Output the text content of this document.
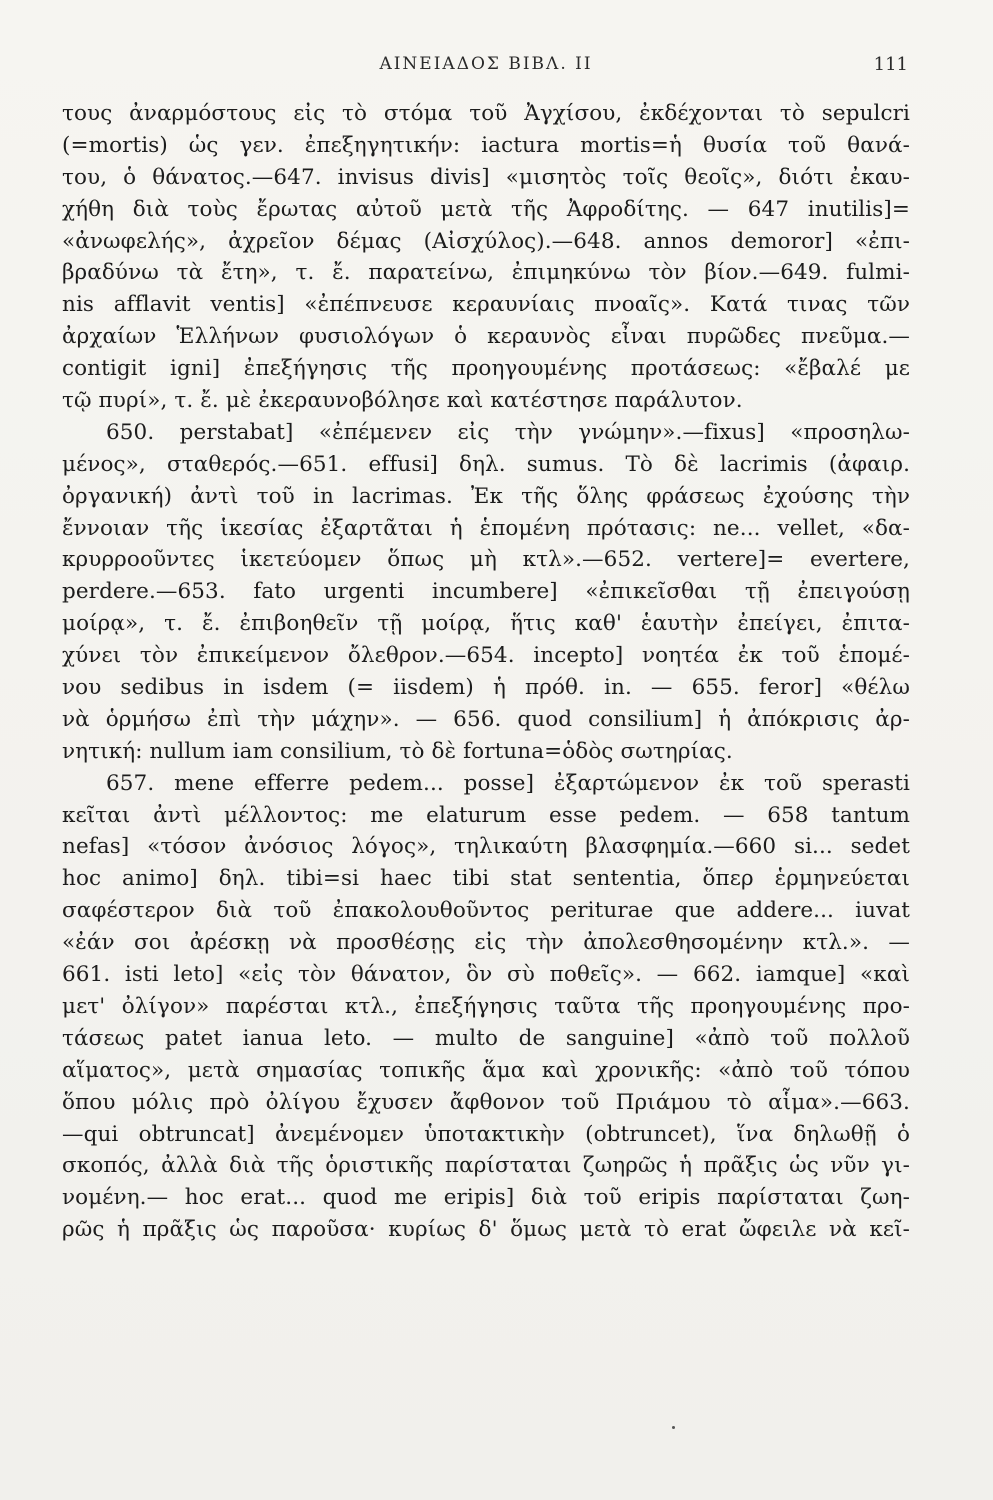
ΑΙΝΕΙΑΔΟΣ ΒΙΒΛ. ΙΙ	111
τους ἀναρμόστους εἰς τὸ στόμα τοῦ Ἀγχίσου, ἐκδέχονται τὸ sepulcri
(=mortis) ὡς γεν. ἐπεξηγητικήν: iactura mortis=ἡ θυσία τοῦ θανά-
του, ὁ θάνατος.—647. invisus divis] «μισητὸς τοῖς θεοῖς», διότι ἐκαυ-
χήθη διὰ τοὺς ἔρωτας αὐτοῦ μετὰ τῆς Ἀφροδίτης. — 647 inutilis]=
«ἀνωφελής», ἀχρεῖον δέμας (Αἰσχύλος).—648. annos demoror] «ἐπι-
βραδύνω τὰ ἔτη», τ. ἔ. παρατείνω, ἐπιμηκύνω τὸν βίον.—649. fulmi-
nis afflavit ventis] «ἐπέπνευσε κεραυνίαις πνοαῖς». Κατά τινας τῶν
ἀρχαίων Ἑλλήνων φυσιολόγων ὁ κεραυνὸς εἶναι πυρῶδες πνεῦμα.—
contigit igni] ἐπεξήγησις τῆς προηγουμένης προτάσεως: «ἔβαλέ με
τῷ πυρί», τ. ἔ. μὲ ἐκεραυνοβόλησε καὶ κατέστησε παράλυτον.
650. perstabat] «ἐπέμενεν εἰς τὴν γνώμην».—fixus] «προσηλω-
μένος», σταθερός.—651. effusi] δηλ. sumus. Τὸ δὲ lacrimis (ἀφαιρ.
ὀργανική) ἀντὶ τοῦ in lacrimas. Ἐκ τῆς ὅλης φράσεως ἐχούσης τὴν
ἔννοιαν τῆς ἱκεσίας ἐξαρτᾶται ἡ ἑπομένη πρότασις: ne... vellet, «δα-
κρυρροοῦντες ἱκετεύομεν ὅπως μὴ κτλ».—652. vertere]= evertere,
perdere.—653. fato urgenti incumbere] «ἐπικεῖσθαι τῇ ἐπειγούσῃ
μοίρᾳ», τ. ἔ. ἐπιβοηθεῖν τῇ μοίρᾳ, ἥτις καθ' ἑαυτὴν ἐπείγει, ἐπιτα-
χύνει τὸν ἐπικείμενον ὄλεθρον.—654. incepto] νοητέα ἐκ τοῦ ἑπομέ-
νου sedibus in isdem (= iisdem) ἡ πρόθ. in. — 655. feror] «θέλω
νὰ ὁρμήσω ἐπὶ τὴν μάχην». — 656. quod consilium] ἡ ἀπόκρισις ἀρ-
νητική: nullum iam consilium, τὸ δὲ fortuna=ὁδὸς σωτηρίας.
657. mene efferre pedem... posse] ἐξαρτώμενον ἐκ τοῦ sperasti
κεῖται ἀντὶ μέλλοντος: me elaturum esse pedem. — 658 tantum
nefas] «τόσον ἀνόσιος λόγος», τηλικαύτη βλασφημία.—660 si... sedet
hoc animo] δηλ. tibi=si haec tibi stat sententia, ὅπερ ἑρμηνεύεται
σαφέστερον διὰ τοῦ ἐπακολουθοῦντος periturae que addere... iuvat
«ἐάν σοι ἀρέσκῃ νὰ προσθέσῃς εἰς τὴν ἀπολεσθησομένην κτλ.». —
661. isti leto] «εἰς τὸν θάνατον, ὃν σὺ ποθεῖς». — 662. iamque] «καὶ
μετ' ὀλίγον» παρέσται κτλ., ἐπεξήγησις ταῦτα τῆς προηγουμένης προ-
τάσεως patet ianua leto. — multo de sanguine] «ἀπὸ τοῦ πολλοῦ
αἵματος», μετὰ σημασίας τοπικῆς ἅμα καὶ χρονικῆς: «ἀπὸ τοῦ τόπου
ὅπου μόλις πρὸ ὀλίγου ἔχυσεν ἄφθονον τοῦ Πριάμου τὸ αἷμα».—663.
—qui obtruncat] ἀνεμένομεν ὑποτακτικὴν (obtruncet), ἵνα δηλωθῇ ὁ
σκοπός, ἀλλὰ διὰ τῆς ὁριστικῆς παρίσταται ζωηρῶς ἡ πρᾶξις ὡς νῦν γι-
νομένη.— hoc erat... quod me eripis] διὰ τοῦ eripis παρίσταται ζωη-
ρῶς ἡ πρᾶξις ὡς παροῦσα· κυρίως δ' ὅμως μετὰ τὸ erat ὤφειλε νὰ κεῖ-
